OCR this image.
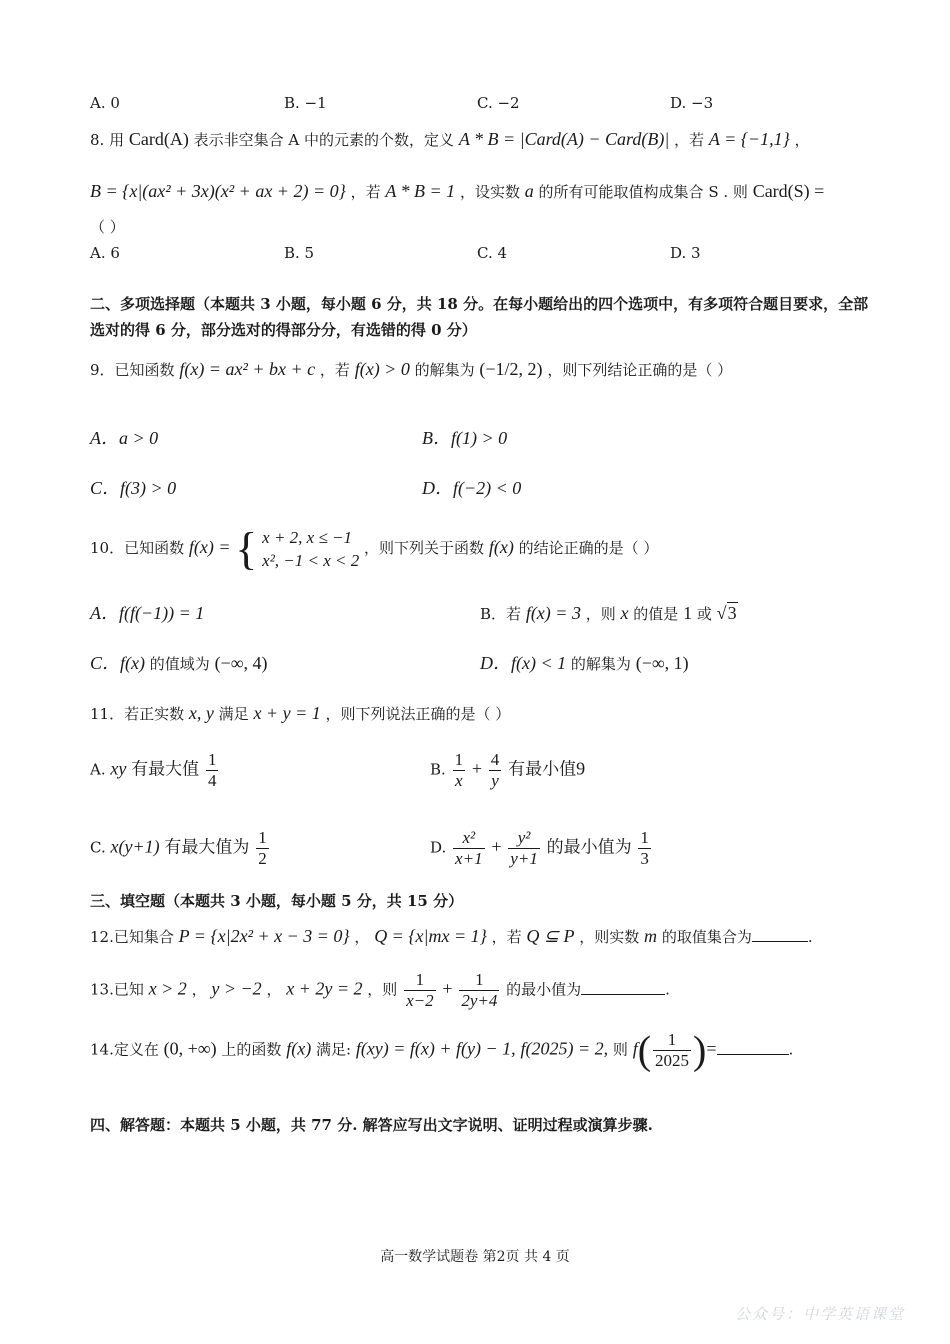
A. 0	B. −1	C. −2	D. −3
8. 用 Card(A) 表示非空集合 A 中的元素的个数，定义 A * B = |Card(A) − Card(B)| ，若 A = {−1,1} ，
B = {x|(ax² + 3x)(x² + ax + 2) = 0} ，若 A * B = 1 ，设实数 a 的所有可能取值构成集合 S . 则 Card(S) =
（ ）
A. 6	B. 5	C. 4	D. 3
二、多项选择题（本题共 3 小题，每小题 6 分，共 18 分。在每小题给出的四个选项中，有多项符合题目要求，全部选对的得 6 分，部分选对的得部分分，有选错的得 0 分）
9．已知函数 f(x) = ax² + bx + c ，若 f(x) > 0 的解集为 (−1/2, 2) ，则下列结论正确的是（ ）
A．a > 0	B．f(1) > 0
C．f(3) > 0	D．f(−2) < 0
10．已知函数 f(x) = { x + 2, x ≤ −1
x², −1 < x < 2
，则下列关于函数 f(x) 的结论正确的是（ ）
A．f(f(−1)) = 1	B．若 f(x) = 3 ，则 x 的值是 1 或 √3
C．f(x) 的值域为 (−∞, 4)	D．f(x) < 1 的解集为 (−∞, 1)
11．若正实数 x, y 满足 x + y = 1 ，则下列说法正确的是（ ）
A. xy 有最大值 $\frac{1}{4}$	B. $\frac{1}{x} + \frac{4}{y}$ 有最小值9
C. x(y+1) 有最大值为 $\frac{1}{2}$	D. $\frac{\text{x²}}{x+1} + \frac{\text{y²}}{y+1}$ 的最小值为 $\frac{1}{3}$
三、填空题（本题共 3 小题，每小题 5 分，共 15 分）
12.已知集合 P = {x|2x² + x − 3 = 0} ， Q = {x|mx = 1} ，若 Q ⊆ P ，则实数 m 的取值集合为	.
13.已知 x > 2 ， y > −2 ， x + 2y = 2 ，则 $\frac{1}{x-2} + \frac{1}{2y+4}$ 的最小值为	.
14.定义在 (0, +∞) 上的函数 f(x) 满足: f(xy) = f(x) + f(y) − 1, f(2025) = 2, 则 $f( \frac{1}{2025}$ )=	.
四、解答题：本题共 5 小题，共 77 分. 解答应写出文字说明、证明过程或演算步骤.
高一数学试题卷 第2页 共 4 页
公众号：中学英语课堂
